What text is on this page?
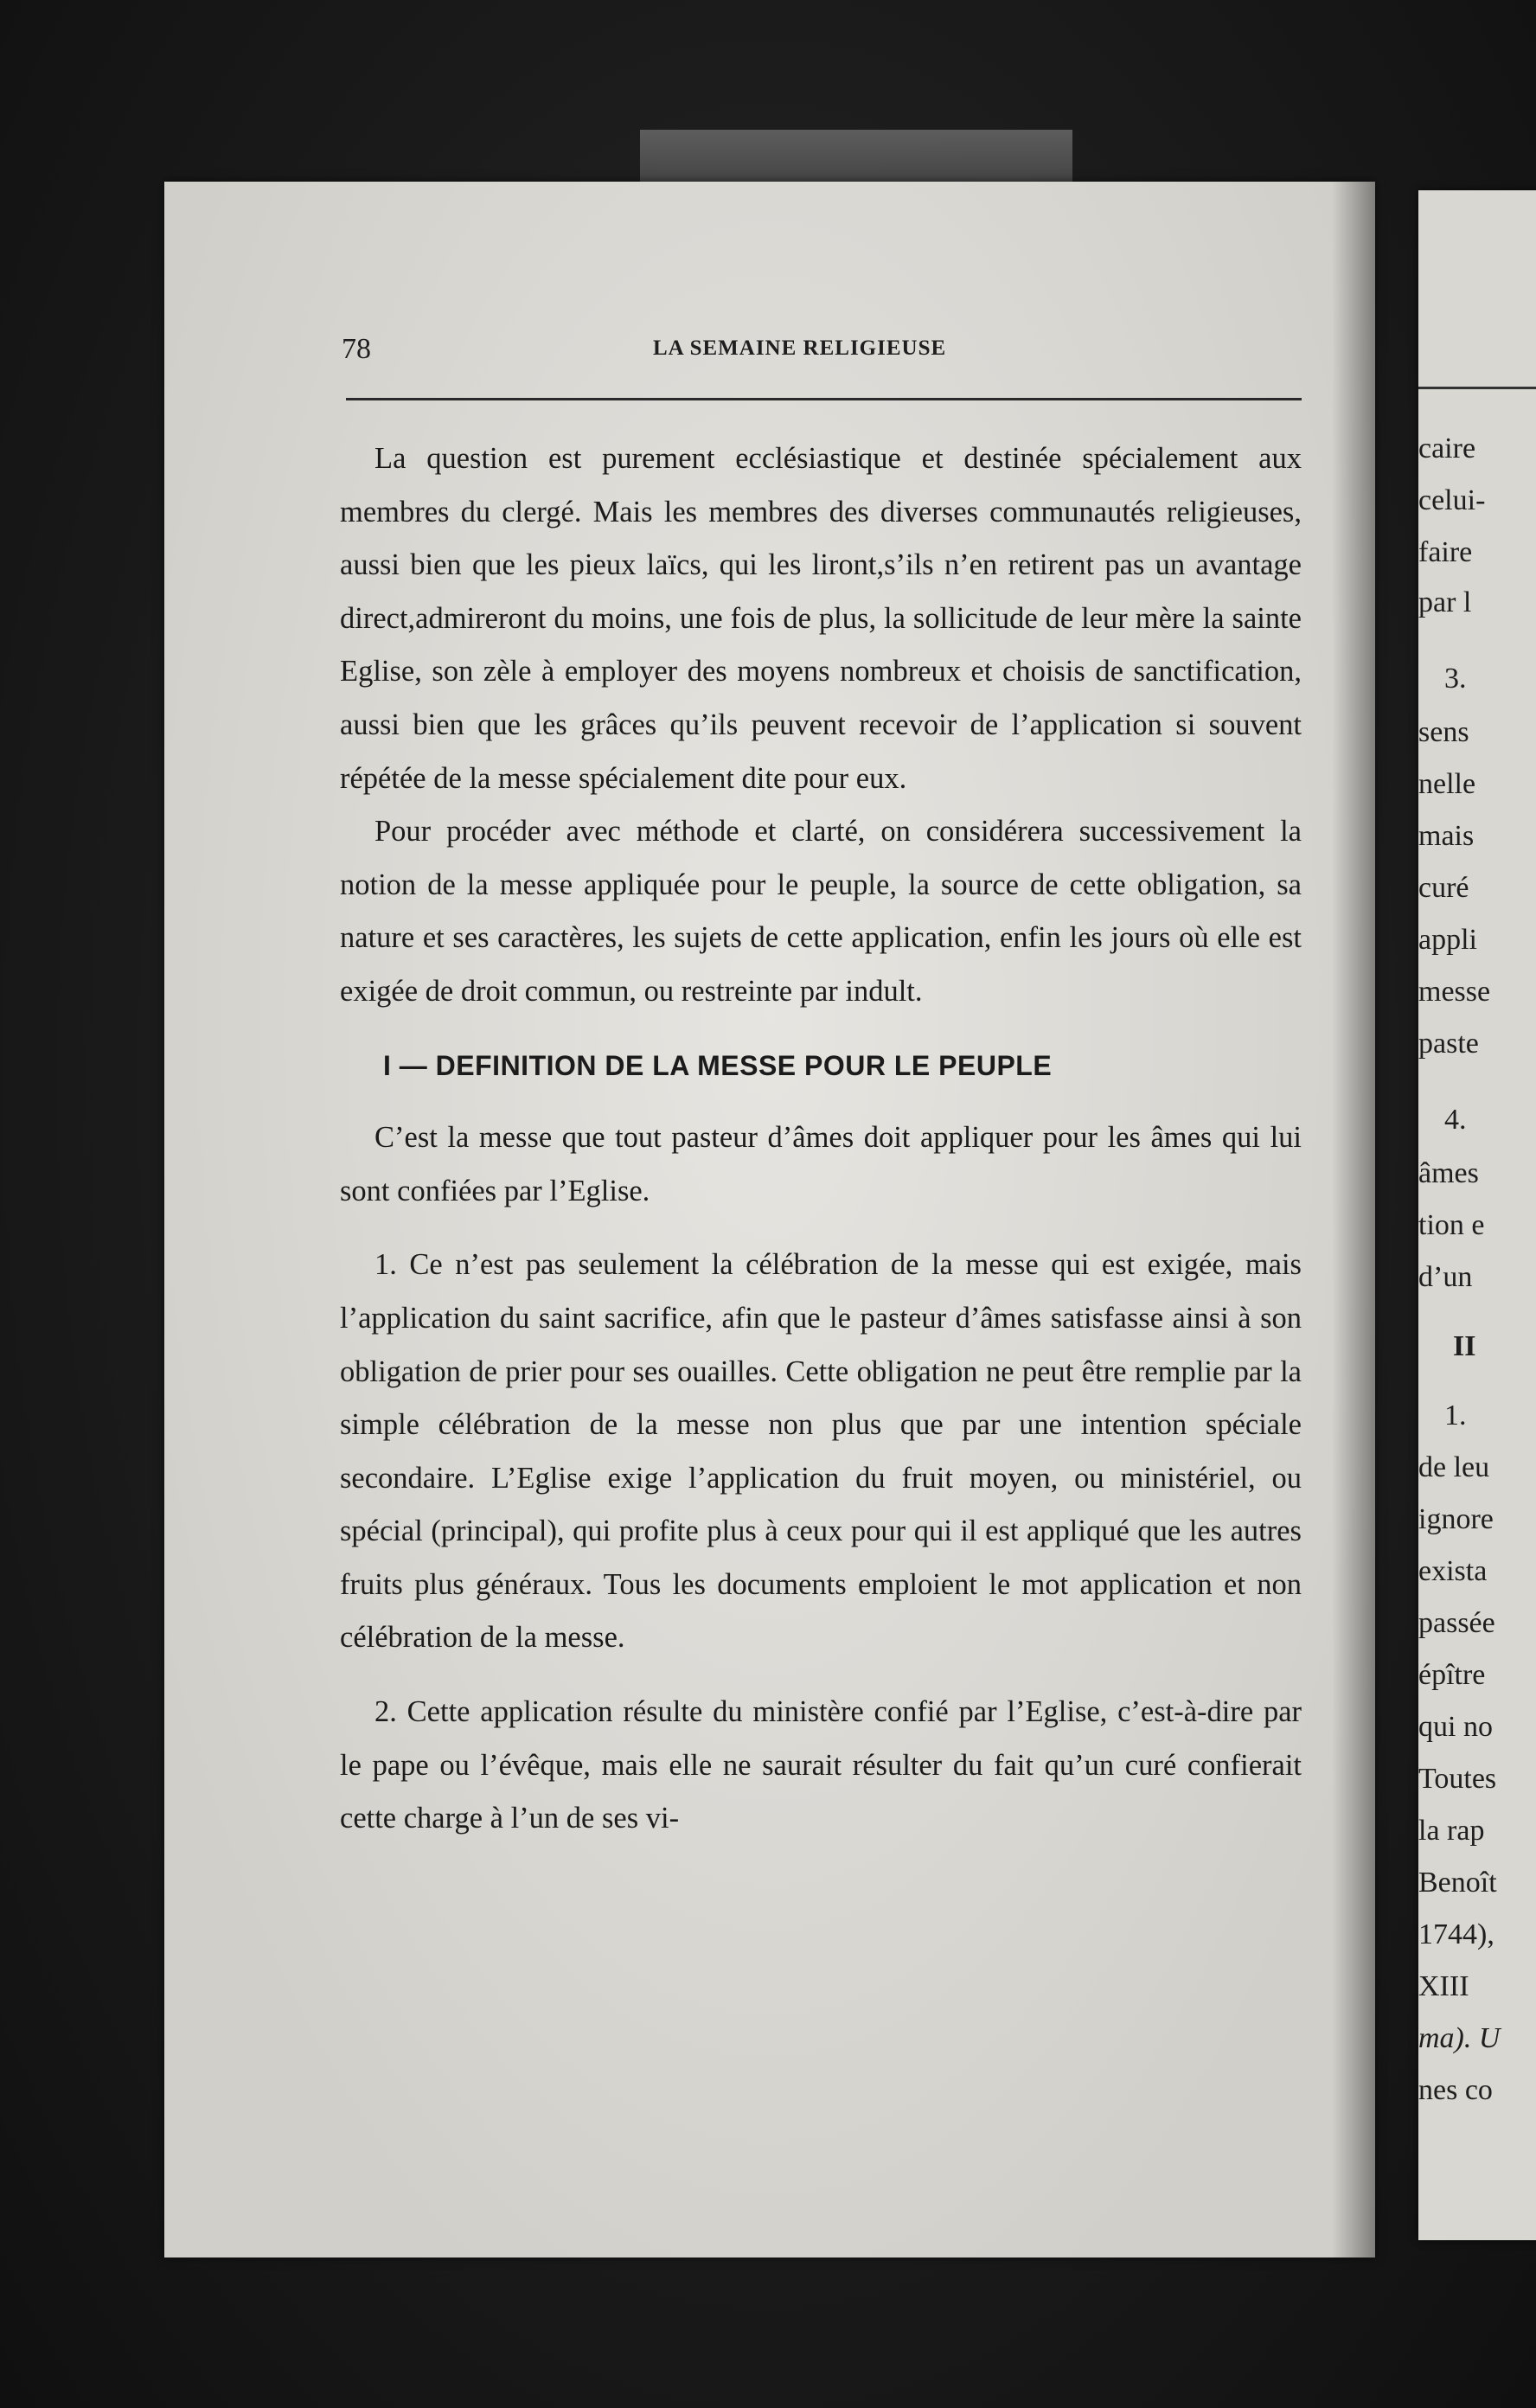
caire
celui-
faire
par l
3.
sens
nelle
mais
curé
appli
messe
paste
4.
âmes
tion e
d’un
II
1.
de leu
ignore
exista
passée
épître
qui no
Toutes
la rap
Benoît
1744),
XIII
ma). U
nes co
78	LA SEMAINE RELIGIEUSE

La question est purement ecclésiastique et destinée spécialement aux membres du clergé. Mais les membres des diverses communautés religieuses, aussi bien que les pieux laïcs, qui les liront,s’ils n’en retirent pas un avantage direct,admireront du moins, une fois de plus, la sollicitude de leur mère la sainte Eglise, son zèle à employer des moyens nombreux et choisis de sanctification, aussi bien que les grâces qu’ils peuvent recevoir de l’application si souvent répétée de la messe spécialement dite pour eux.

Pour procéder avec méthode et clarté, on considérera successivement la notion de la messe appliquée pour le peuple, la source de cette obligation, sa nature et ses caractères, les sujets de cette application, enfin les jours où elle est exigée de droit commun, ou restreinte par indult.

I — DEFINITION DE LA MESSE POUR LE PEUPLE

C’est la messe que tout pasteur d’âmes doit appliquer pour les âmes qui lui sont confiées par l’Eglise.

1. Ce n’est pas seulement la célébration de la messe qui est exigée, mais l’application du saint sacrifice, afin que le pasteur d’âmes satisfasse ainsi à son obligation de prier pour ses ouailles. Cette obligation ne peut être remplie par la simple célébration de la messe non plus que par une intention spéciale secondaire. L’Eglise exige l’application du fruit moyen, ou ministériel, ou spécial (principal), qui profite plus à ceux pour qui il est appliqué que les autres fruits plus généraux. Tous les documents emploient le mot application et non célébration de la messe.

2. Cette application résulte du ministère confié par l’Eglise, c’est-à-dire par le pape ou l’évêque, mais elle ne saurait résulter du fait qu’un curé confierait cette charge à l’un de ses vi-
